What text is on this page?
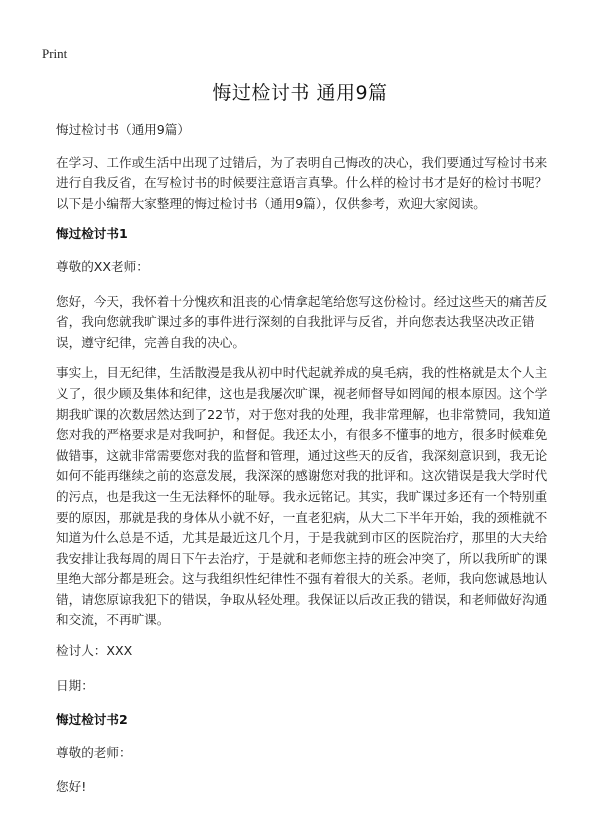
Print
悔过检讨书 通用9篇

悔过检讨书（通用9篇）

在学习、工作或生活中出现了过错后，为了表明自己悔改的决心，我们要通过写检讨书来进行自我反省，在写检讨书的时候要注意语言真挚。什么样的检讨书才是好的检讨书呢？以下是小编帮大家整理的悔过检讨书（通用9篇），仅供参考，欢迎大家阅读。

悔过检讨书1

尊敬的XX老师：

您好，今天，我怀着十分愧疚和沮丧的心情拿起笔给您写这份检讨。经过这些天的痛苦反省，我向您就我旷课过多的事件进行深刻的自我批评与反省，并向您表达我坚决改正错误，遵守纪律，完善自我的决心。

事实上，目无纪律，生活散漫是我从初中时代起就养成的臭毛病，我的性格就是太个人主义了，很少顾及集体和纪律，这也是我屡次旷课，视老师督导如罔闻的根本原因。这个学期我旷课的次数居然达到了22节，对于您对我的处理，我非常理解，也非常赞同，我知道您对我的严格要求是对我呵护，和督促。我还太小，有很多不懂事的地方，很多时候难免做错事，这就非常需要您对我的监督和管理，通过这些天的反省，我深刻意识到，我无论如何不能再继续之前的恣意发展，我深深的感谢您对我的批评和。这次错误是我大学时代的污点，也是我这一生无法释怀的耻辱。我永远铭记。其实，我旷课过多还有一个特别重要的原因，那就是我的身体从小就不好，一直老犯病，从大二下半年开始，我的颈椎就不知道为什么总是不适，尤其是最近这几个月，于是我就到市区的医院治疗，那里的大夫给我安排让我每周的周日下午去治疗，于是就和老师您主持的班会冲突了，所以我所旷的课里绝大部分都是班会。这与我组织性纪律性不强有着很大的关系。老师，我向您诚恳地认错，请您原谅我犯下的错误，争取从轻处理。我保证以后改正我的错误，和老师做好沟通和交流，不再旷课。

检讨人：XXX

日期：

悔过检讨书2

尊敬的老师：

您好!
